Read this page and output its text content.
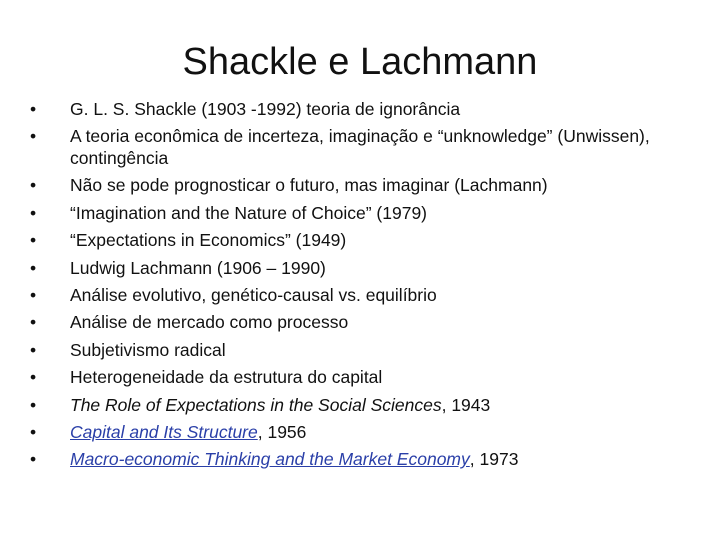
Shackle e Lachmann
•	G. L. S. Shackle (1903 -1992) teoria de ignorância
•	A teoria econômica de incerteza, imaginação e “unknowledge” (Unwissen), contingência
•	Não se pode prognosticar o futuro, mas imaginar (Lachmann)
•	“Imagination and the Nature of Choice” (1979)
•	“Expectations in Economics” (1949)
•	Ludwig Lachmann (1906 – 1990)
•	Análise evolutivo, genético-causal vs. equilíbrio
•	Análise de mercado como processo
•	Subjetivismo radical
•	Heterogeneidade da estrutura do capital
•	The Role of Expectations in the Social Sciences, 1943
•	Capital and Its Structure, 1956
•	Macro-economic Thinking and the Market Economy, 1973
